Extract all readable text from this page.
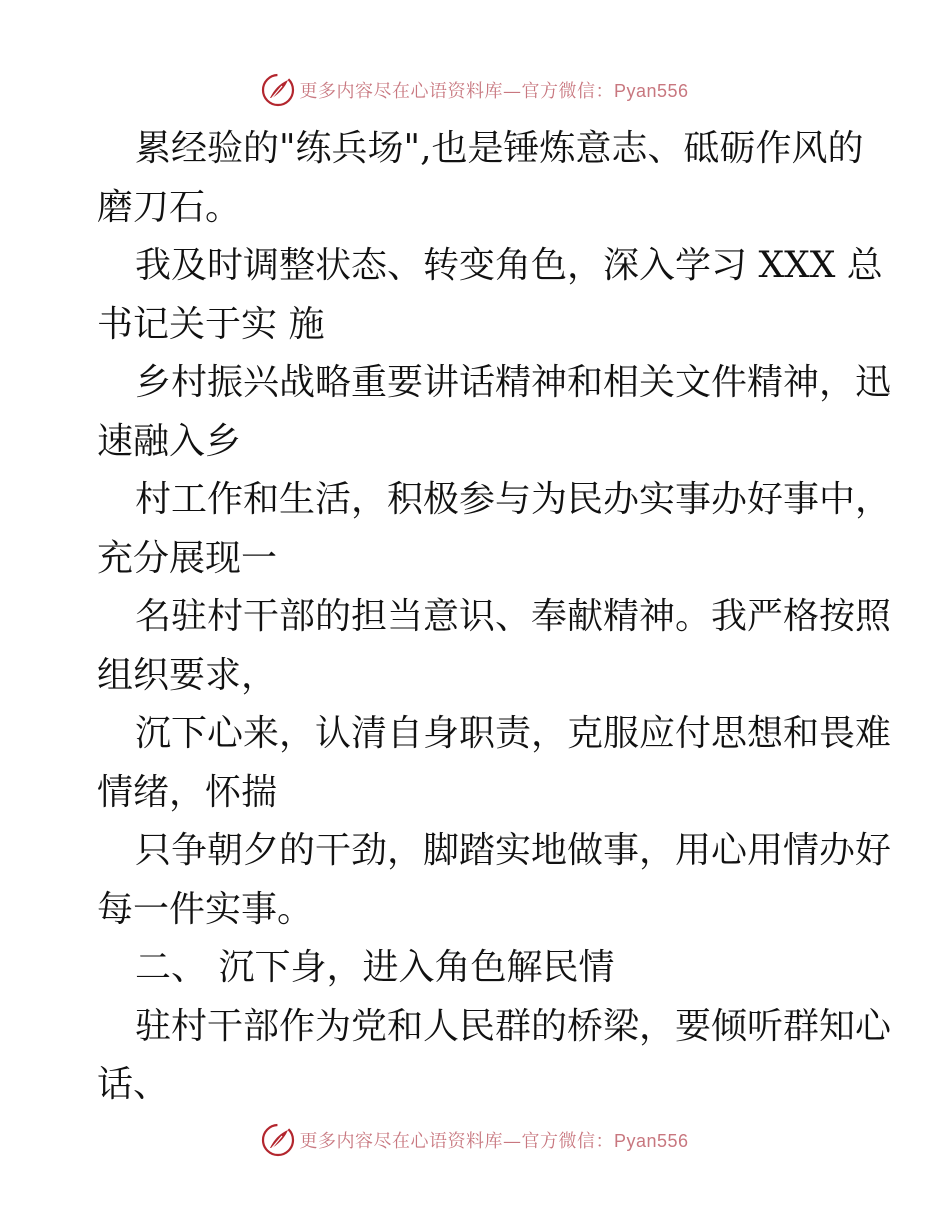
更多内容尽在心语资料库—官方微信：Pyan556
累经验的"练兵场",也是锤炼意志、砥砺作风的
磨刀石。
我及时调整状态、转变角色，深入学习 XXX 总
书记关于实 施
乡村振兴战略重要讲话精神和相关文件精神，迅
速融入乡
村工作和生活，积极参与为民办实事办好事中，
充分展现一
名驻村干部的担当意识、奉献精神。我严格按照
组织要求，
沉下心来，认清自身职责，克服应付思想和畏难
情绪，怀揣
只争朝夕的干劲，脚踏实地做事，用心用情办好
每一件实事。
二、 沉下身，进入角色解民情
驻村干部作为党和人民群的桥梁，要倾听群知心
话、
更多内容尽在心语资料库—官方微信：Pyan556
